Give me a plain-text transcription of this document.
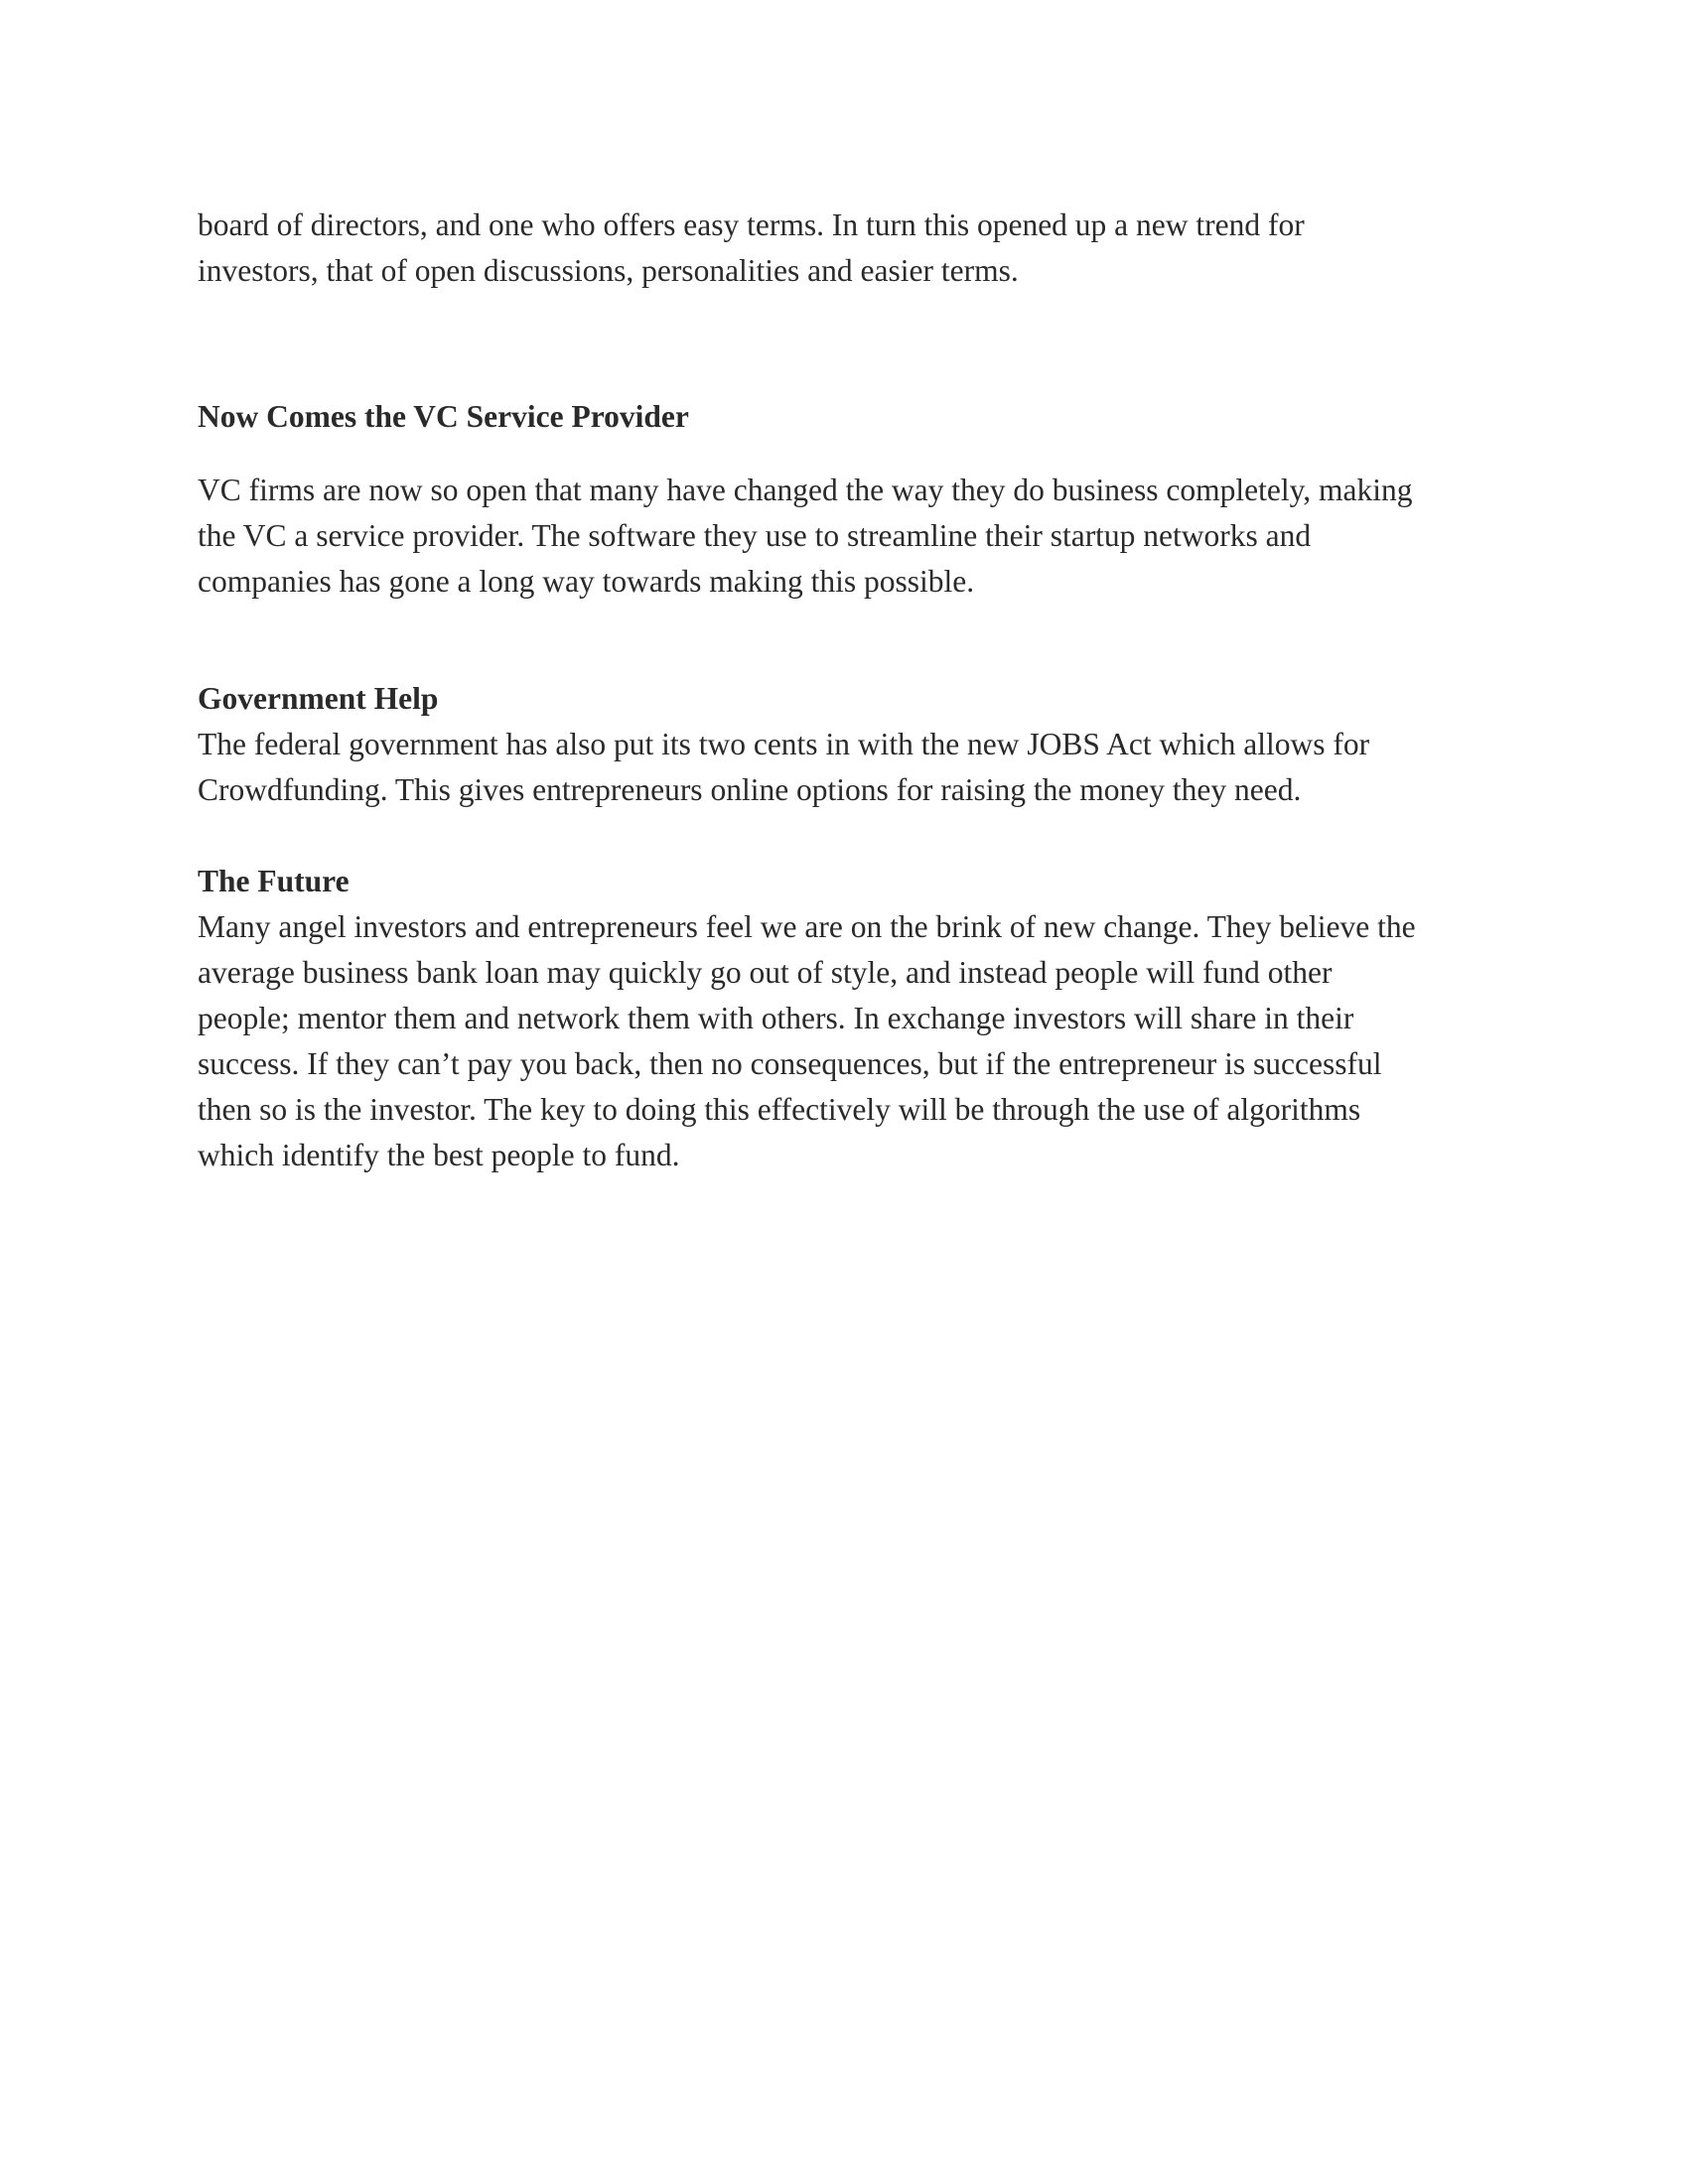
board of directors, and one who offers easy terms. In turn this opened up a new trend for
investors, that of open discussions, personalities and easier terms.
Now Comes the VC Service Provider
VC firms are now so open that many have changed the way they do business completely, making
the VC a service provider. The software they use to streamline their startup networks and
companies has gone a long way towards making this possible.
Government Help
The federal government has also put its two cents in with the new JOBS Act which allows for
Crowdfunding. This gives entrepreneurs online options for raising the money they need.
The Future
Many angel investors and entrepreneurs feel we are on the brink of new change. They believe the
average business bank loan may quickly go out of style, and instead people will fund other
people; mentor them and network them with others. In exchange investors will share in their
success. If they can’t pay you back, then no consequences, but if the entrepreneur is successful
then so is the investor. The key to doing this effectively will be through the use of algorithms
which identify the best people to fund.
